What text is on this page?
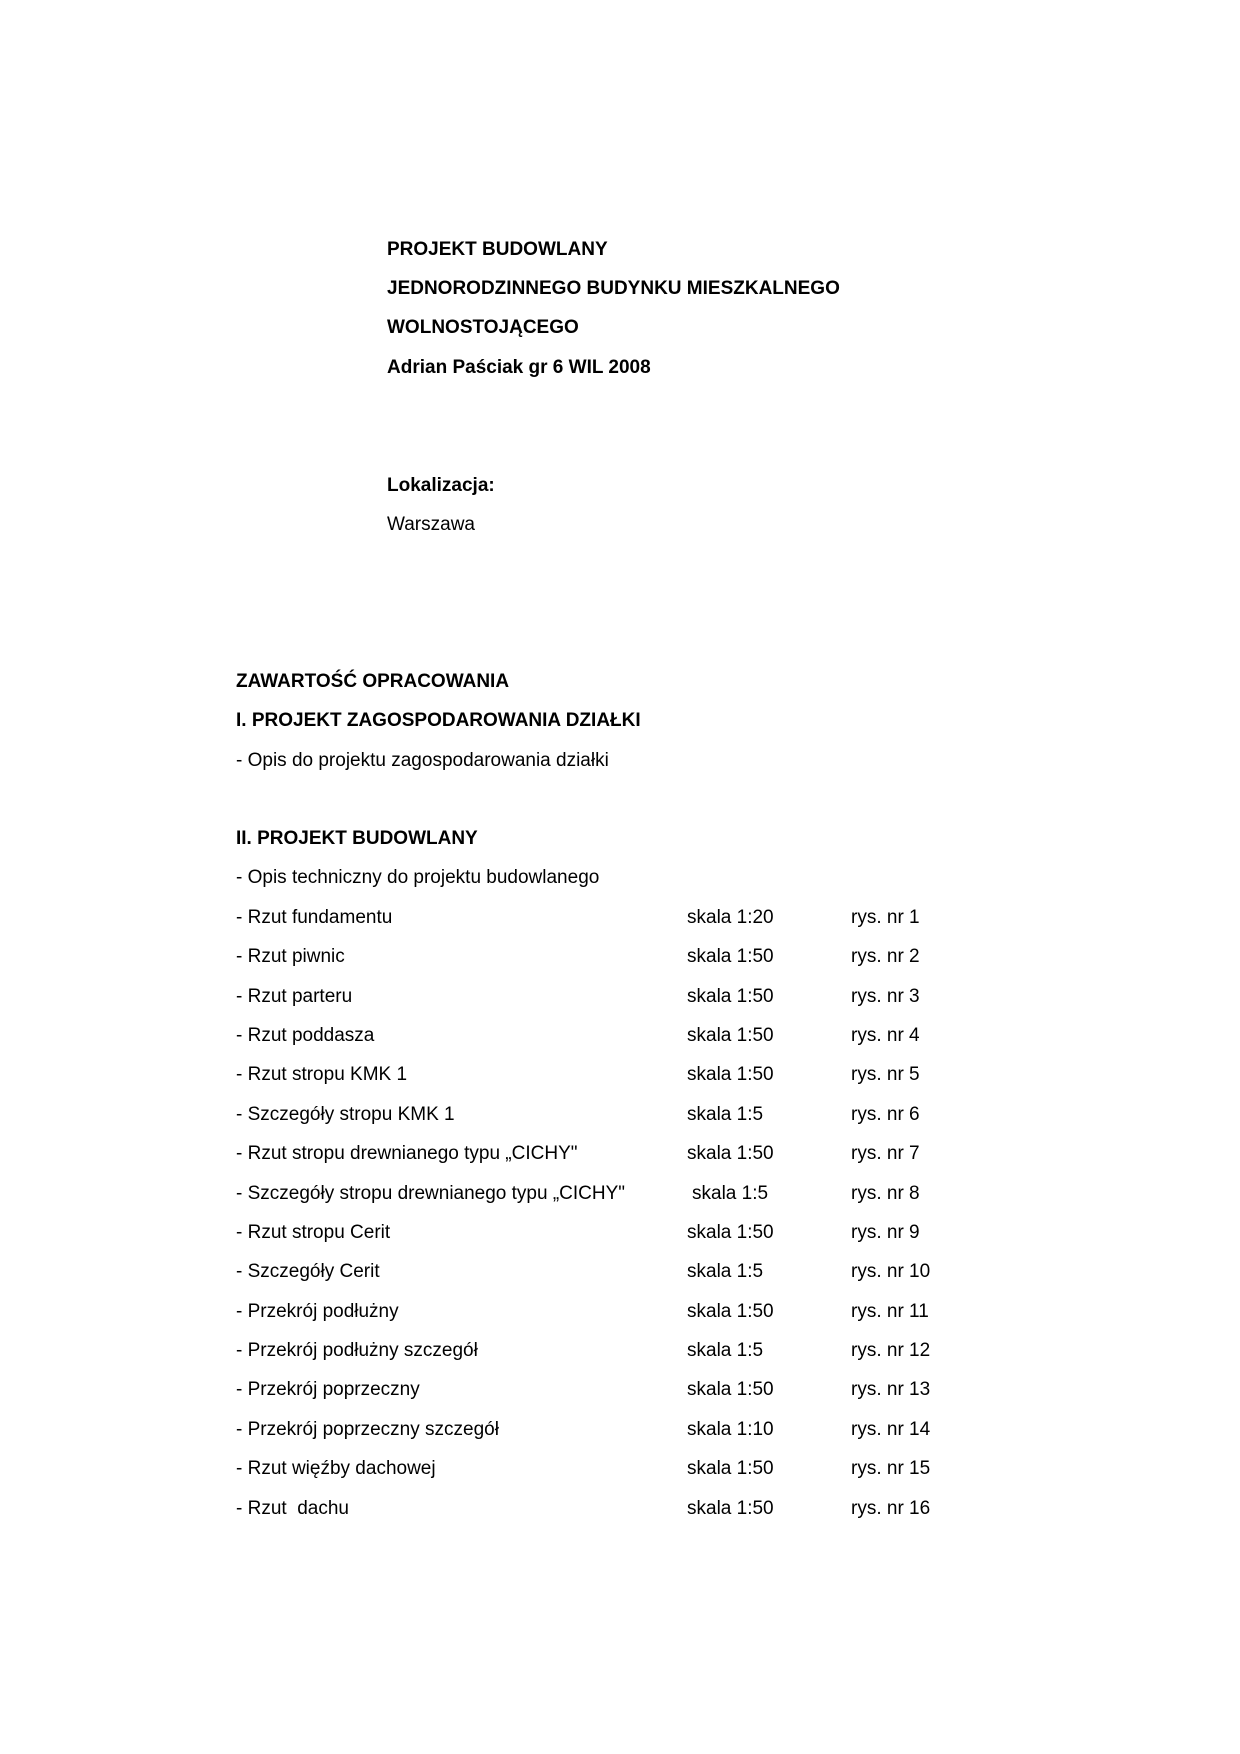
PROJEKT BUDOWLANY
JEDNORODZINNEGO BUDYNKU MIESZKALNEGO
WOLNOSTOJĄCEGO
Adrian Paściak gr 6 WIL 2008
Lokalizacja:
Warszawa
ZAWARTOŚĆ OPRACOWANIA
I. PROJEKT ZAGOSPODAROWANIA DZIAŁKI
- Opis do projektu zagospodarowania działki
II. PROJEKT BUDOWLANY
- Opis techniczny do projektu budowlanego
- Rzut fundamentu	skala 1:20	rys. nr 1
- Rzut piwnic	skala 1:50	rys. nr 2
- Rzut parteru	skala 1:50	rys. nr 3
- Rzut poddasza	skala 1:50	rys. nr 4
- Rzut stropu KMK 1	skala 1:50	rys. nr 5
- Szczegóły stropu KMK 1	skala 1:5	rys. nr 6
- Rzut stropu drewnianego typu „CICHY"	skala 1:50	rys. nr 7
- Szczegóły stropu drewnianego typu „CICHY"	skala 1:5	rys. nr 8
- Rzut stropu Cerit	skala 1:50	rys. nr 9
- Szczegóły Cerit	skala 1:5	rys. nr 10
- Przekrój podłużny	skala 1:50	rys. nr 11
- Przekrój podłużny szczegół	skala 1:5	rys. nr 12
- Przekrój poprzeczny	skala 1:50	rys. nr 13
- Przekrój poprzeczny szczegół	skala 1:10	rys. nr 14
- Rzut więźby dachowej	skala 1:50	rys. nr 15
- Rzut  dachu	skala 1:50	rys. nr 16
